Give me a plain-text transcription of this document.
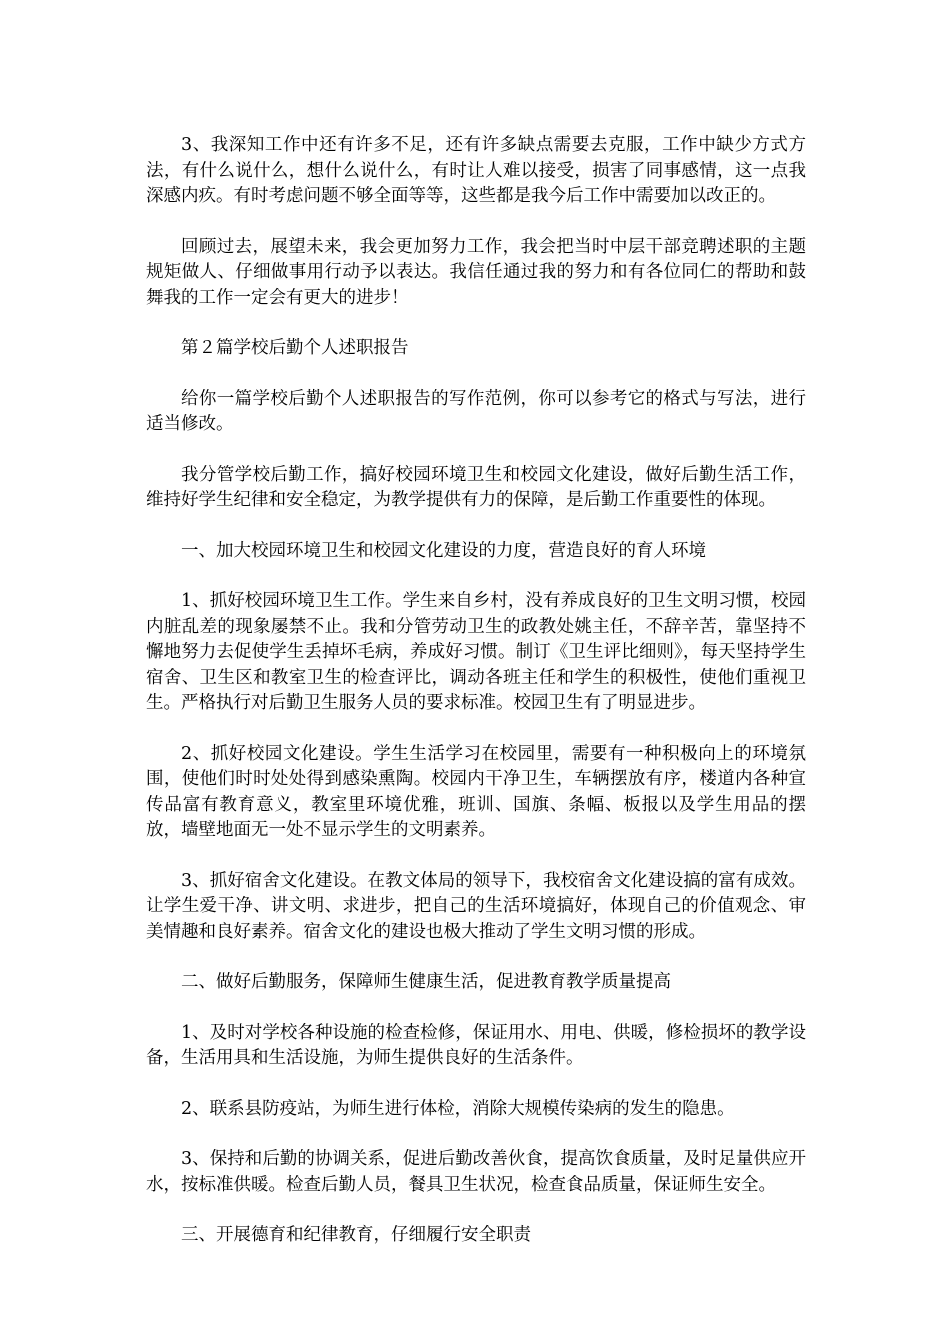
3、我深知工作中还有许多不足，还有许多缺点需要去克服，工作中缺少方式方法，有什么说什么，想什么说什么，有时让人难以接受，损害了同事感情，这一点我深感内疚。有时考虑问题不够全面等等，这些都是我今后工作中需要加以改正的。

回顾过去，展望未来，我会更加努力工作，我会把当时中层干部竞聘述职的主题规矩做人、仔细做事用行动予以表达。我信任通过我的努力和有各位同仁的帮助和鼓舞我的工作一定会有更大的进步！

第２篇学校后勤个人述职报告

给你一篇学校后勤个人述职报告的写作范例，你可以参考它的格式与写法，进行适当修改。

我分管学校后勤工作，搞好校园环境卫生和校园文化建设，做好后勤生活工作，维持好学生纪律和安全稳定，为教学提供有力的保障，是后勤工作重要性的体现。

一、加大校园环境卫生和校园文化建设的力度，营造良好的育人环境

1、抓好校园环境卫生工作。学生来自乡村，没有养成良好的卫生文明习惯，校园内脏乱差的现象屡禁不止。我和分管劳动卫生的政教处姚主任，不辞辛苦，靠坚持不懈地努力去促使学生丢掉坏毛病，养成好习惯。制订《卫生评比细则》，每天坚持学生宿舍、卫生区和教室卫生的检查评比，调动各班主任和学生的积极性，使他们重视卫生。严格执行对后勤卫生服务人员的要求标准。校园卫生有了明显进步。

2、抓好校园文化建设。学生生活学习在校园里，需要有一种积极向上的环境氛围，使他们时时处处得到感染熏陶。校园内干净卫生，车辆摆放有序，楼道内各种宣传品富有教育意义，教室里环境优雅，班训、国旗、条幅、板报以及学生用品的摆放，墙壁地面无一处不显示学生的文明素养。

3、抓好宿舍文化建设。在教文体局的领导下，我校宿舍文化建设搞的富有成效。让学生爱干净、讲文明、求进步，把自己的生活环境搞好，体现自己的价值观念、审美情趣和良好素养。宿舍文化的建设也极大推动了学生文明习惯的形成。

二、做好后勤服务，保障师生健康生活，促进教育教学质量提高

1、及时对学校各种设施的检查检修，保证用水、用电、供暖，修检损坏的教学设备，生活用具和生活设施，为师生提供良好的生活条件。

2、联系县防疫站，为师生进行体检，消除大规模传染病的发生的隐患。

3、保持和后勤的协调关系，促进后勤改善伙食，提高饮食质量，及时足量供应开水，按标准供暖。检查后勤人员，餐具卫生状况，检查食品质量，保证师生安全。

三、开展德育和纪律教育，仔细履行安全职责
